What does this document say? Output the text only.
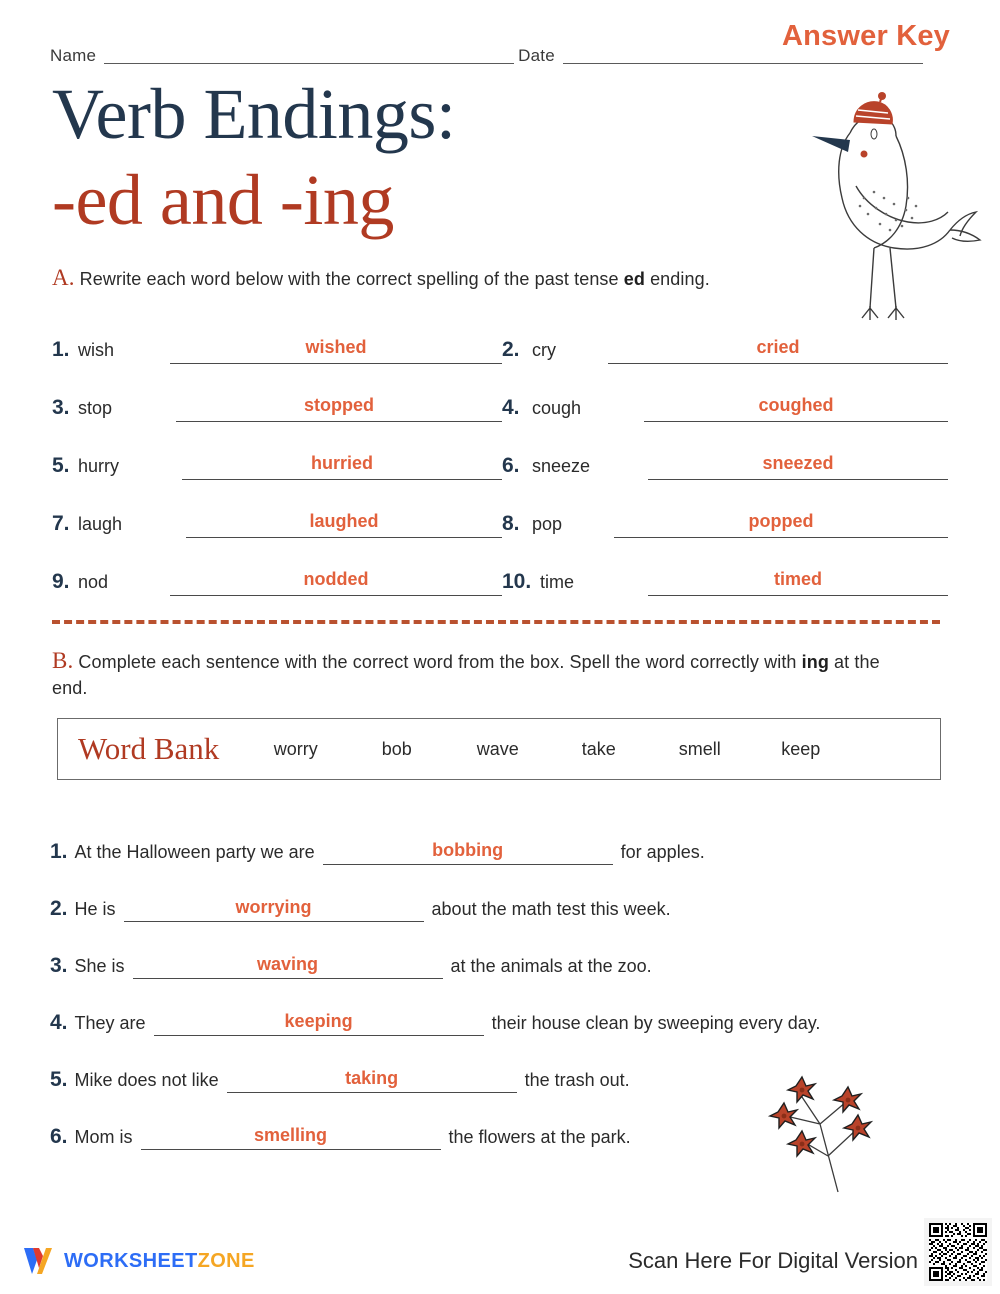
Name	Date
Answer Key
Verb Endings:
-ed and -ing
A. Rewrite each word below with the correct spelling of the past tense ed ending.
1. wish	wished	2. cry	cried
3. stop	stopped	4. cough	coughed
5. hurry	hurried	6. sneeze	sneezed
7. laugh	laughed	8. pop	popped
9. nod	nodded	10. time	timed
B. Complete each sentence with the correct word from the box. Spell the word correctly with ing at the end.
Word Bank	worry	bob	wave	take	smell	keep
1. At the Halloween party we are	bobbing	for apples.
2. He is	worrying	about the math test this week.
3. She is	waving	at the animals at the zoo.
4. They are	keeping	their house clean by sweeping every day.
5. Mike does not like	taking	the trash out.
6. Mom is	smelling	the flowers at the park.
WORKSHEETZONE	Scan Here For Digital Version
